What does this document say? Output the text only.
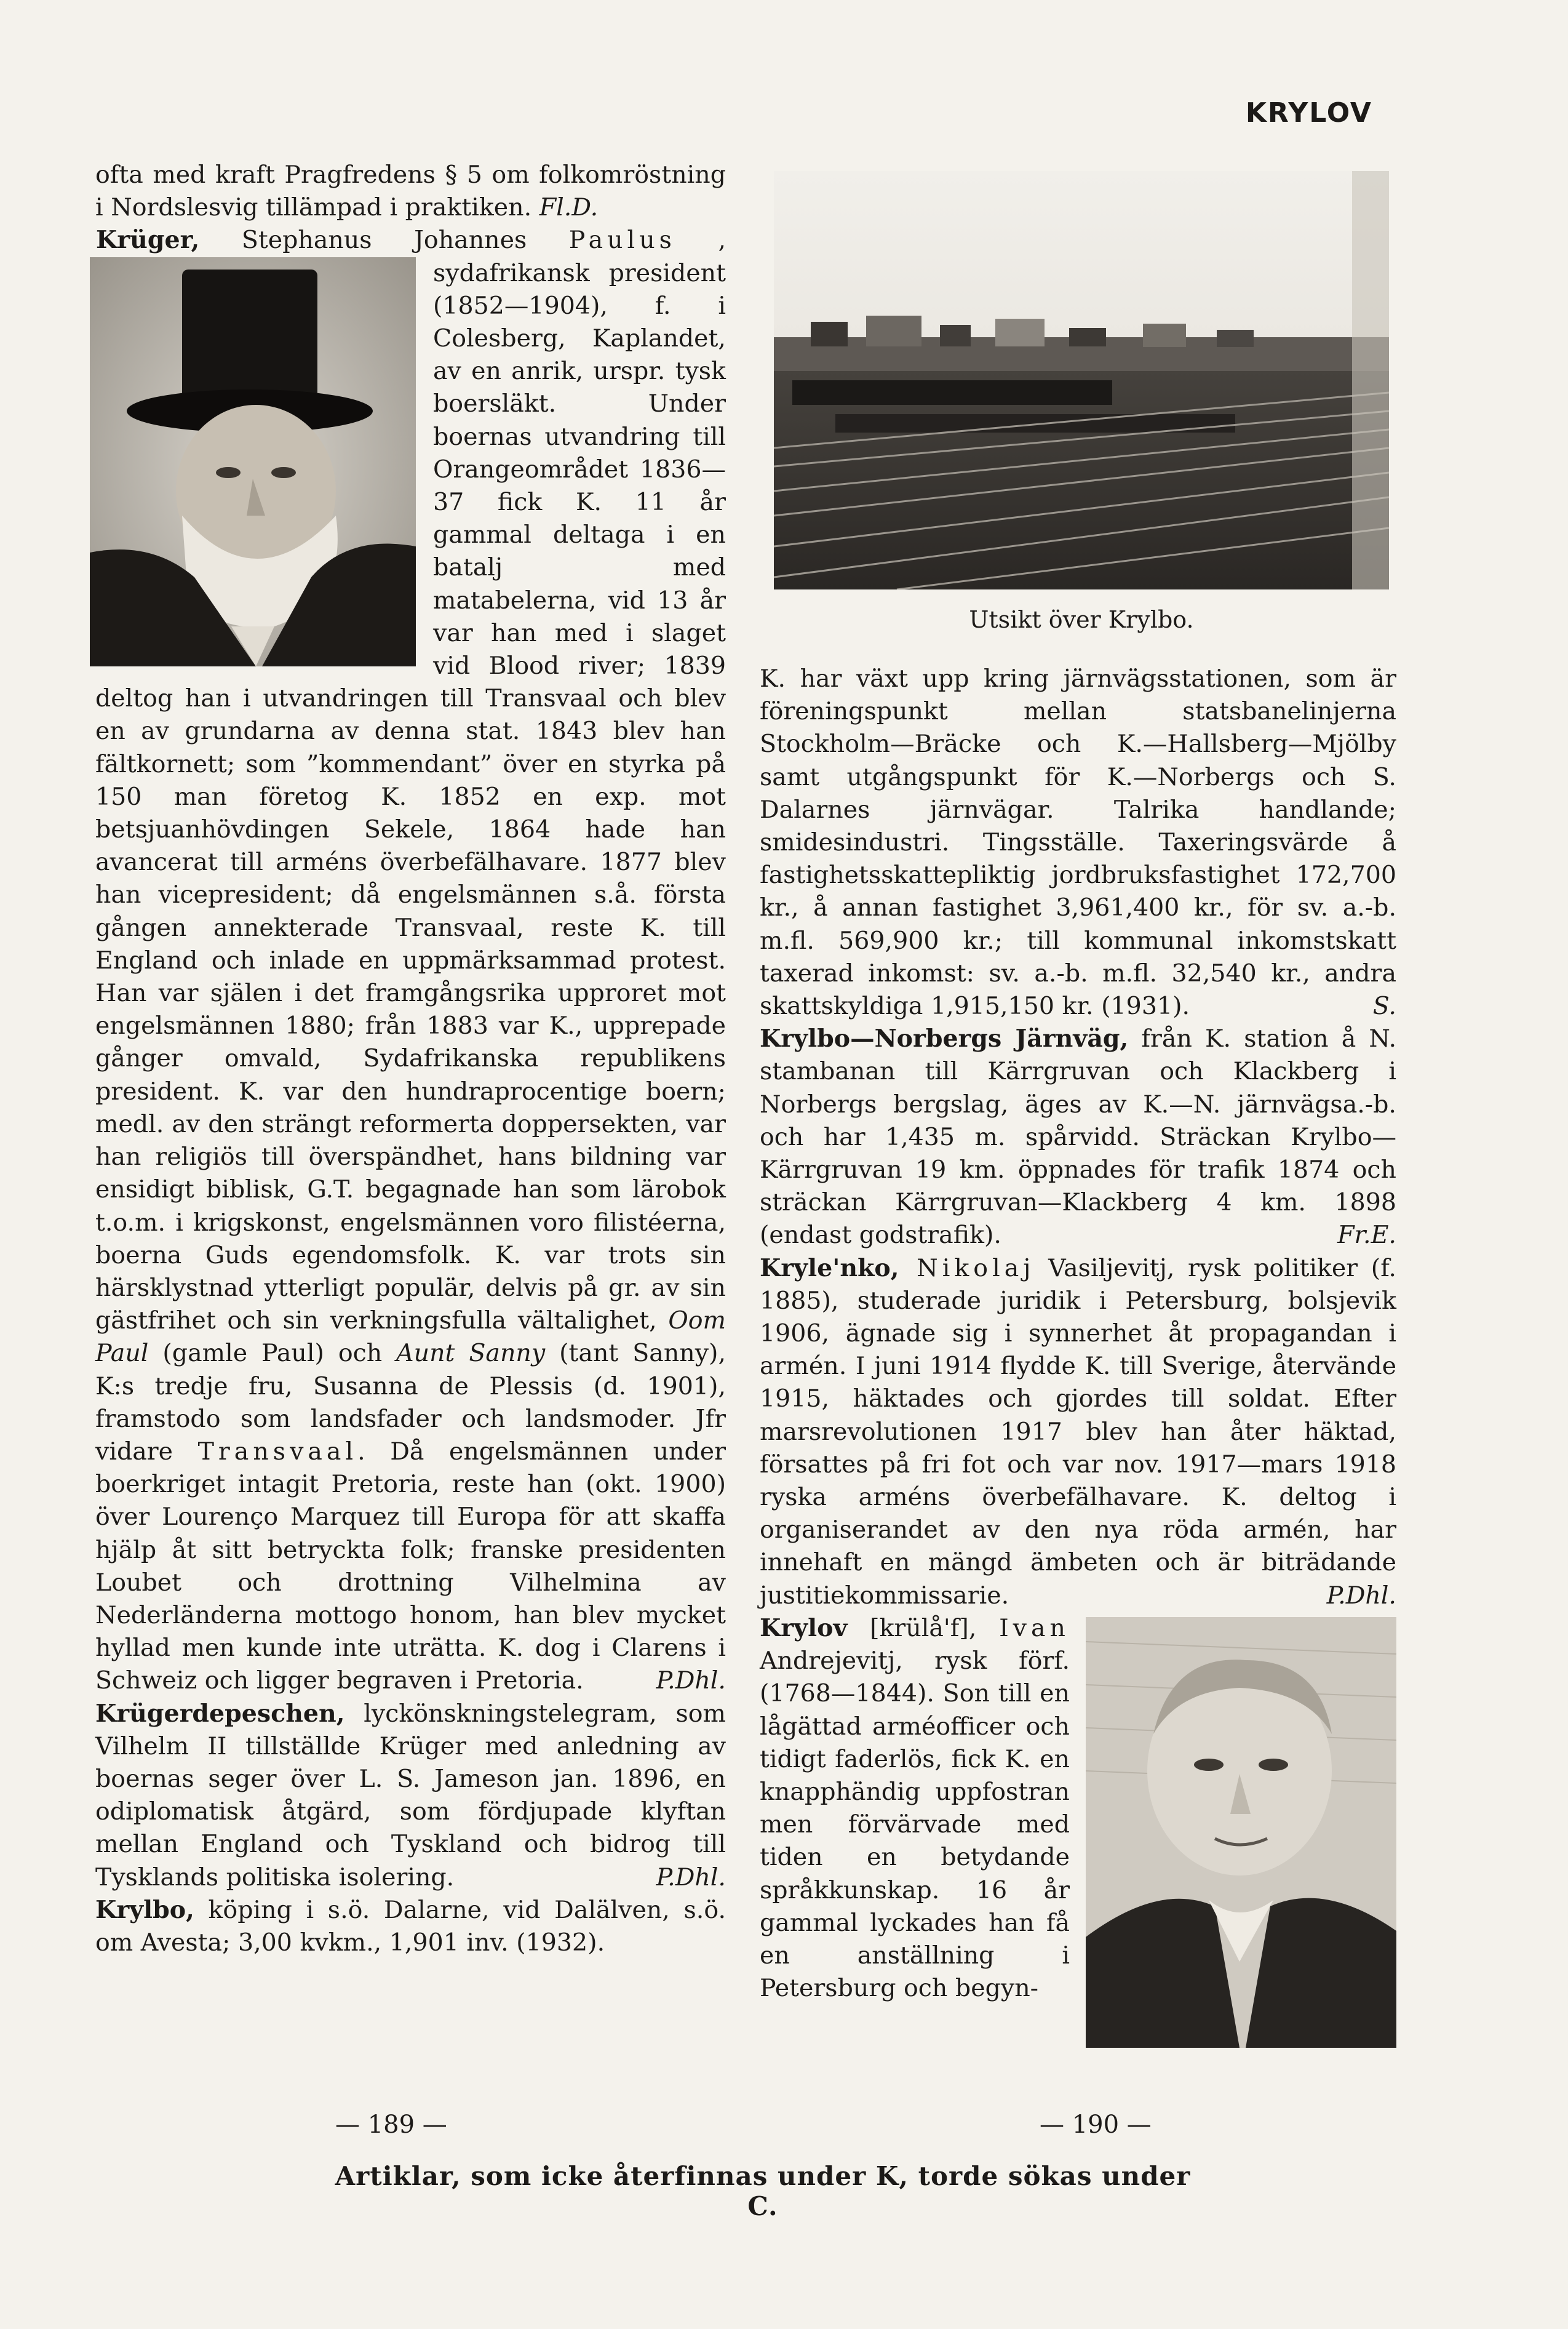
KRYLOV

ofta med kraft Pragfredens § 5 om folkomröstning i Nordslesvig tillämpad i praktiken. Fl.D.

Krüger, Stephanus Johannes Paulus , sydafrikansk president (1852—1904), f. i Colesberg, Kaplandet, av en anrik, urspr. tysk boersläkt. Under boernas utvandring till Orangeområdet 1836—37 fick K. 11 år gammal deltaga i en batalj med matabelerna, vid 13 år var han med i slaget vid Blood river; 1839 deltog han i utvandringen till Transvaal och blev en av grundarna av denna stat. 1843 blev han fältkornett; som ”kommendant” över en styrka på 150 man företog K. 1852 en exp. mot betsjuanhövdingen Sekele, 1864 hade han avancerat till arméns överbefälhavare. 1877 blev han vicepresident; då engelsmännen s.å. första gången annekterade Transvaal, reste K. till England och inlade en uppmärksammad protest. Han var själen i det framgångsrika upproret mot engelsmännen 1880; från 1883 var K., upprepade gånger omvald, Sydafrikanska republikens president. K. var den hundraprocentige boern; medl. av den strängt reformerta doppersekten, var han religiös till överspändhet, hans bildning var ensidigt biblisk, G.T. begagnade han som lärobok t.o.m. i krigskonst, engelsmännen voro filistéerna, boerna Guds egendomsfolk. K. var trots sin härsklystnad ytterligt populär, delvis på gr. av sin gästfrihet och sin verkningsfulla vältalighet, Oom Paul (gamle Paul) och Aunt Sanny (tant Sanny), K:s tredje fru, Susanna de Plessis (d. 1901), framstodo som landsfader och landsmoder. Jfr vidare Transvaal. Då engelsmännen under boerkriget intagit Pretoria, reste han (okt. 1900) över Lourenço Marquez till Europa för att skaffa hjälp åt sitt betryckta folk; franske presidenten Loubet och drottning Vilhelmina av Nederländerna mottogo honom, han blev mycket hyllad men kunde inte uträtta. K. dog i Clarens i Schweiz och ligger begraven i Pretoria.	P.Dhl.

Krügerdepeschen, lyckönskningstelegram, som Vilhelm II tillställde Krüger med anledning av boernas seger över L. S. Jameson jan. 1896, en odiplomatisk åtgärd, som fördjupade klyftan mellan England och Tyskland och bidrog till Tysklands politiska isolering.	P.Dhl.

Krylbo, köping i s.ö. Dalarne, vid Dalälven, s.ö. om Avesta; 3,00 kvkm., 1,901 inv. (1932).

Utsikt över Krylbo.

K. har växt upp kring järnvägsstationen, som är föreningspunkt mellan statsbanelinjerna Stockholm—Bräcke och K.—Hallsberg—Mjölby samt utgångspunkt för K.—Norbergs och S. Dalarnes järnvägar. Talrika handlande; smidesindustri. Tingsställe. Taxeringsvärde å fastighetsskattepliktig jordbruksfastighet 172,700 kr., å annan fastighet 3,961,400 kr., för sv. a.-b. m.fl. 569,900 kr.; till kommunal inkomstskatt taxerad inkomst: sv. a.-b. m.fl. 32,540 kr., andra skattskyldiga 1,915,150 kr. (1931).	S.

Krylbo—Norbergs Järnväg, från K. station å N. stambanan till Kärrgruvan och Klackberg i Norbergs bergslag, äges av K.—N. järnvägsa.-b. och har 1,435 m. spårvidd. Sträckan Krylbo—Kärrgruvan 19 km. öppnades för trafik 1874 och sträckan Kärrgruvan—Klackberg 4 km. 1898 (endast godstrafik).	Fr.E.

Kryle'nko, Nikolaj Vasiljevitj, rysk politiker (f. 1885), studerade juridik i Petersburg, bolsjevik 1906, ägnade sig i synnerhet åt propagandan i armén. I juni 1914 flydde K. till Sverige, återvände 1915, häktades och gjordes till soldat. Efter marsrevolutionen 1917 blev han åter häktad, försattes på fri fot och var nov. 1917—mars 1918 ryska arméns överbefälhavare. K. deltog i organiserandet av den nya röda armén, har innehaft en mängd ämbeten och är biträdande justitiekommissarie.	P.Dhl.

Krylov [krülå'f], Ivan Andrejevitj, rysk förf. (1768—1844). Son till en lågättad arméofficer och tidigt faderlös, fick K. en knapphändig uppfostran men förvärvade med tiden en betydande språkkunskap. 16 år gammal lyckades han få en anställning i Petersburg och begyn-

— 189 —	— 190 —
Artiklar, som icke återfinnas under K, torde sökas under C.
